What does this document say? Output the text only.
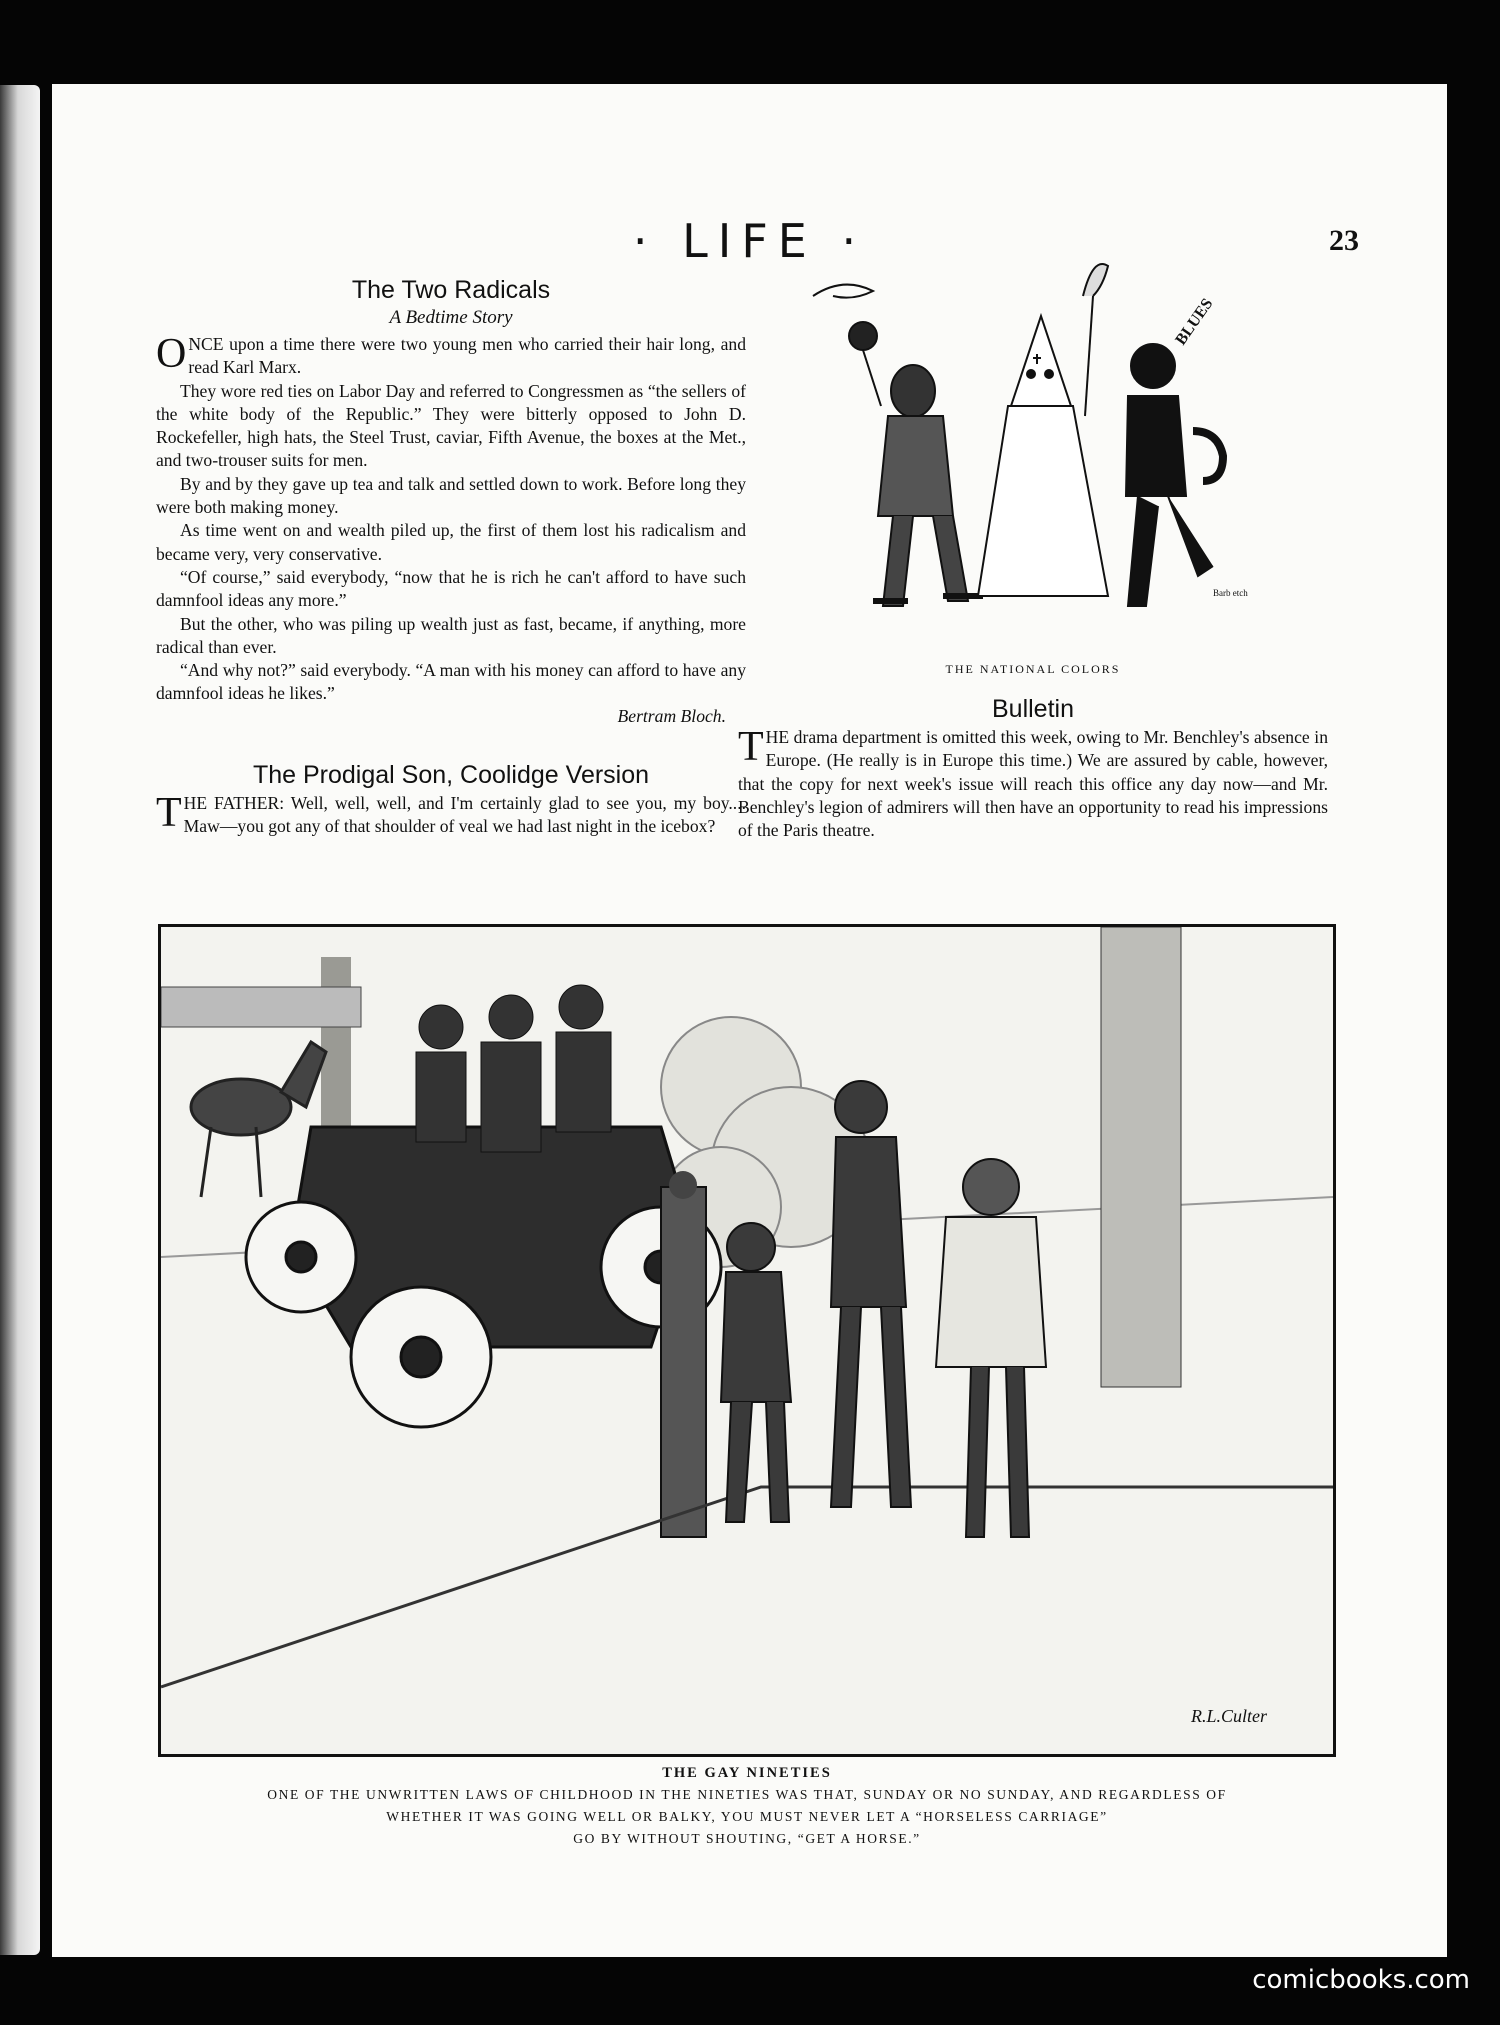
· LIFE ·	23
The Two Radicals
A Bedtime Story

ONCE upon a time there were two young men who carried their hair long, and read Karl Marx.

They wore red ties on Labor Day and referred to Congressmen as “the sellers of the white body of the Republic.” They were bitterly opposed to John D. Rockefeller, high hats, the Steel Trust, caviar, Fifth Avenue, the boxes at the Met., and two-trouser suits for men.

By and by they gave up tea and talk and settled down to work. Before long they were both making money.

As time went on and wealth piled up, the first of them lost his radicalism and became very, very conservative.

“Of course,” said everybody, “now that he is rich he can't afford to have such damnfool ideas any more.”

But the other, who was piling up wealth just as fast, became, if anything, more radical than ever.

“And why not?” said everybody. “A man with his money can afford to have any damnfool ideas he likes.”

Bertram Bloch.
The Prodigal Son, Coolidge Version

THE FATHER: Well, well, well, and I'm certainly glad to see you, my boy.... Maw—you got any of that shoulder of veal we had last night in the icebox?

BLUES
Barb etch
THE NATIONAL COLORS
Bulletin

THE drama department is omitted this week, owing to Mr. Benchley's absence in Europe. (He really is in Europe this time.) We are assured by cable, however, that the copy for next week's issue will reach this office any day now—and Mr. Benchley's legion of admirers will then have an opportunity to read his impressions of the Paris theatre.

R.L.Culter
THE GAY NINETIES
ONE OF THE UNWRITTEN LAWS OF CHILDHOOD IN THE NINETIES WAS THAT, SUNDAY OR NO SUNDAY, AND REGARDLESS OF
WHETHER IT WAS GOING WELL OR BALKY, YOU MUST NEVER LET A “HORSELESS CARRIAGE”
GO BY WITHOUT SHOUTING, “GET A HORSE.”
comicbooks.com
